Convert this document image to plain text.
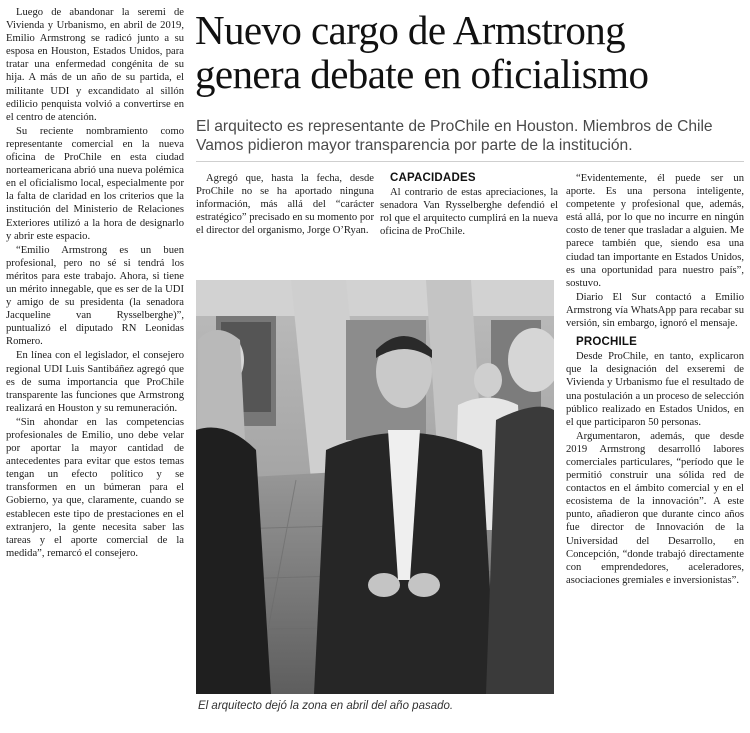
Luego de abandonar la seremi de Vivienda y Urbanismo, en abril de 2019, Emilio Armstrong se radicó junto a su esposa en Houston, Estados Unidos, para tratar una enfermedad congénita de su hija. A más de un año de su partida, el militante UDI y excandidato al sillón edilicio penquista volvió a convertirse en el centro de atención.

Su reciente nombramiento como representante comercial en la nueva oficina de ProChile en esta ciudad norteamericana abrió una nueva polémica en el oficialismo local, especialmente por la falta de claridad en los criterios que la institución del Ministerio de Relaciones Exteriores utilizó a la hora de designarlo y abrir este espacio.

“Emilio Armstrong es un buen profesional, pero no sé si tendrá los méritos para este trabajo. Ahora, si tiene un mérito innegable, que es ser de la UDI y amigo de su presidenta (la senadora Jacqueline van Rysselberghe)”, puntualizó el diputado RN Leonidas Romero.

En línea con el legislador, el consejero regional UDI Luis Santibáñez agregó que es de suma importancia que ProChile transparente las funciones que Armstrong realizará en Houston y su remuneración.

“Sin ahondar en las competencias profesionales de Emilio, uno debe velar por aportar la mayor cantidad de antecedentes para evitar que estos temas tengan un efecto político y se transformen en un búmeran para el Gobierno, ya que, claramente, cuando se establecen este tipo de prestaciones en el extranjero, la gente necesita saber las tareas y el aporte comercial de la medida”, remarcó el consejero.

Nuevo cargo de Armstrong
genera debate en oficialismo

El arquitecto es representante de ProChile en Houston. Miembros de Chile Vamos pidieron mayor transparencia por parte de la institución.

Agregó que, hasta la fecha, desde ProChile no se ha aportado ninguna información, más allá del “carácter estratégico” precisado en su momento por el director del organismo, Jorge O’Ryan.

CAPACIDADES

Al contrario de estas apreciaciones, la senadora Van Rysselberghe defendió el rol que el arquitecto cumplirá en la nueva oficina de ProChile.

“Evidentemente, él puede ser un aporte. Es una persona inteligente, competente y profesional que, además, está allá, por lo que no incurre en ningún costo de tener que trasladar a alguien. Me parece también que, siendo esa una ciudad tan importante en Estados Unidos, es una oportunidad para nuestro país”, sostuvo.

Diario El Sur contactó a Emilio Armstrong vía WhatsApp para recabar su versión, sin embargo, ignoró el mensaje.

PROCHILE

Desde ProChile, en tanto, explicaron que la designación del exseremi de Vivienda y Urbanismo fue el resultado de una postulación a un proceso de selección público realizado en Estados Unidos, en el que participaron 50 personas.

Argumentaron, además, que desde 2019 Armstrong desarrolló labores comerciales particulares, “período que le permitió construir una sólida red de contactos en el ámbito comercial y en el ecosistema de la innovación”. A este punto, añadieron que durante cinco años fue director de Innovación de la Universidad del Desarrollo, en Concepción, “donde trabajó directamente con emprendedores, aceleradores, asociaciones gremiales e inversionistas”.

El arquitecto dejó la zona en abril del año pasado.
